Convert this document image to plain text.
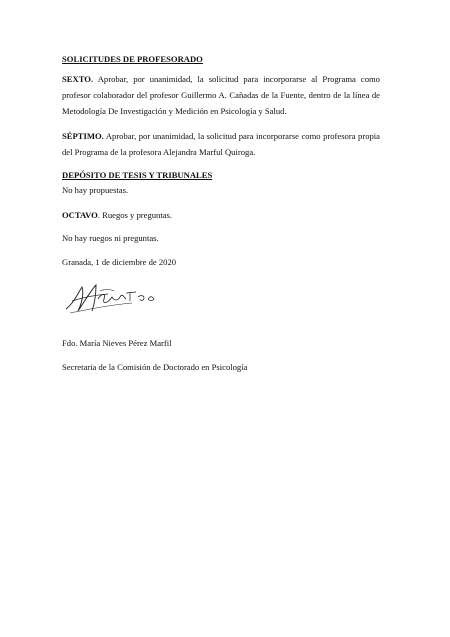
SOLICITUDES DE PROFESORADO
SEXTO. Aprobar, por unanimidad, la solicitud para incorporarse al Programa como profesor colaborador del profesor Guillermo A. Cañadas de la Fuente, dentro de la línea de Metodología De Investigación y Medición en Psicología y Salud.
SÉPTIMO. Aprobar, por unanimidad, la solicitud para incorporarse como profesora propia del Programa de la profesora Alejandra Marful Quiroga.
DEPÓSITO DE TESIS Y TRIBUNALES
No hay propuestas.
OCTAVO. Ruegos y preguntas.
No hay ruegos ni preguntas.
Granada, 1 de diciembre de 2020
Fdo. María Nieves Pérez Marfil
Secretaria de la Comisión de Doctorado en Psicología
